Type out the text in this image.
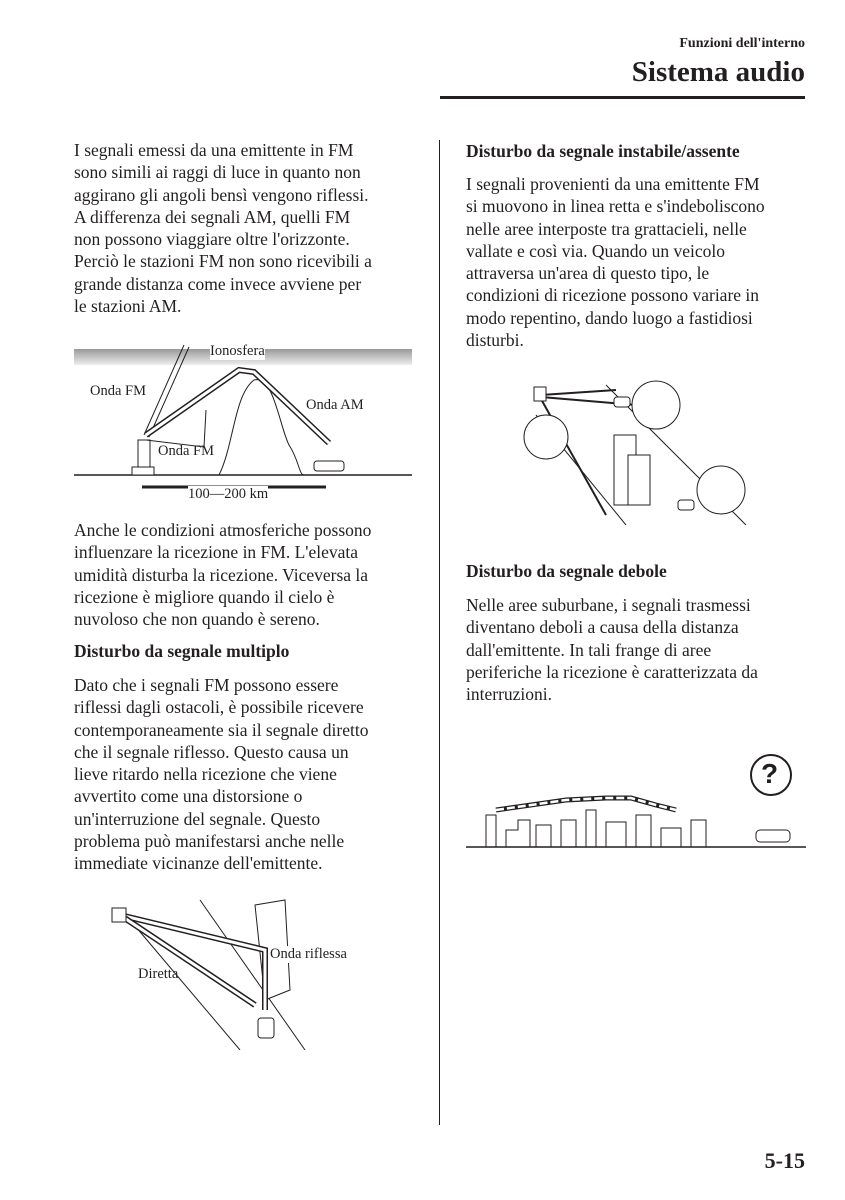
Funzioni dell'interno
Sistema audio
I segnali emessi da una emittente in FM
sono simili ai raggi di luce in quanto non
aggirano gli angoli bensì vengono riflessi.
A differenza dei segnali AM, quelli FM
non possono viaggiare oltre l'orizzonte.
Perciò le stazioni FM non sono ricevibili a
grande distanza come invece avviene per
le stazioni AM.
Ionosfera
Onda FM
Onda AM
Onda FM
100—200 km
Anche le condizioni atmosferiche possono
influenzare la ricezione in FM. L'elevata
umidità disturba la ricezione. Viceversa la
ricezione è migliore quando il cielo è
nuvoloso che non quando è sereno.
Disturbo da segnale multiplo
Dato che i segnali FM possono essere
riflessi dagli ostacoli, è possibile ricevere
contemporaneamente sia il segnale diretto
che il segnale riflesso. Questo causa un
lieve ritardo nella ricezione che viene
avvertito come una distorsione o
un'interruzione del segnale. Questo
problema può manifestarsi anche nelle
immediate vicinanze dell'emittente.
Diretta
Onda riflessa
Disturbo da segnale instabile/assente
I segnali provenienti da una emittente FM
si muovono in linea retta e s'indeboliscono
nelle aree interposte tra grattacieli, nelle
vallate e così via. Quando un veicolo
attraversa un'area di questo tipo, le
condizioni di ricezione possono variare in
modo repentino, dando luogo a fastidiosi
disturbi.
Disturbo da segnale debole
Nelle aree suburbane, i segnali trasmessi
diventano deboli a causa della distanza
dall'emittente. In tali frange di aree
periferiche la ricezione è caratterizzata da
interruzioni.
?
5-15
